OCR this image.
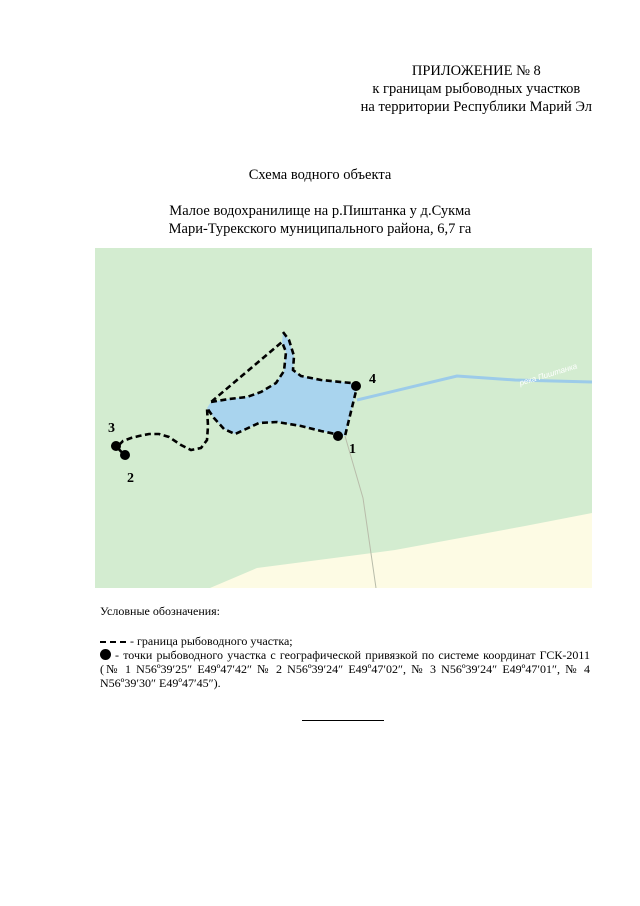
ПРИЛОЖЕНИЕ № 8
к границам рыбоводных участков
на территории Республики Марий Эл
Схема водного объекта
Малое водохранилище на р.Пиштанка у д.Сукма
Мари-Турекского муниципального района, 6,7 га
река Пиштанка
1
2
3
4
Условные обозначения:
- граница рыбоводного участка;
- точки рыбоводного участка с географической привязкой по системе координат ГСК-2011 (№ 1 N56º39′25″ E49º47′42″ № 2 N56º39′24″ E49º47′02″, № 3 N56º39′24″ E49º47′01″, № 4 N56º39′30″ E49º47′45″).
